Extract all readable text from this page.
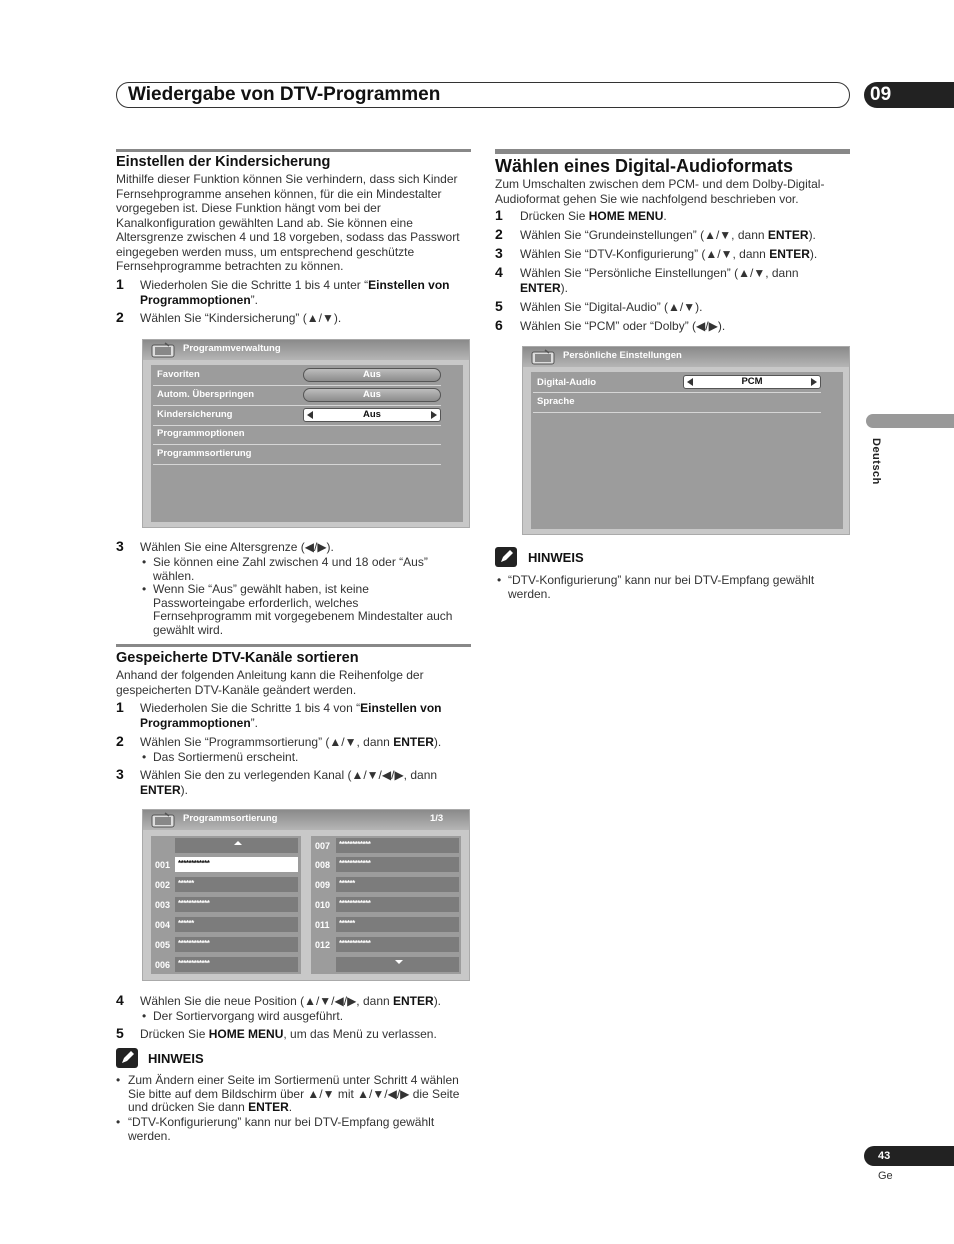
Wiedergabe von DTV-Programmen	09
Deutsch
Einstellen der Kindersicherung
Mithilfe dieser Funktion können Sie verhindern, dass sich Kinder Fernsehprogramme ansehen können, für die ein Mindestalter vorgegeben ist. Diese Funktion hängt vom bei der Kanalkonfiguration gewählten Land ab. Sie können eine Altersgrenze zwischen 4 und 18 vorgeben, sodass das Passwort eingegeben werden muss, um entsprechend geschützte Fernsehprogramme betrachten zu können.
1 Wiederholen Sie die Schritte 1 bis 4 unter “Einstellen von Programmoptionen”.
2 Wählen Sie “Kindersicherung” (▲/▼).
Programmverwaltung
Favoriten	Aus
Autom. Überspringen	Aus
Kindersicherung	Aus
Programmoptionen
Programmsortierung
3 Wählen Sie eine Altersgrenze (◀/▶).
• Sie können eine Zahl zwischen 4 und 18 oder “Aus” wählen.
• Wenn Sie “Aus” gewählt haben, ist keine Passworteingabe erforderlich, welches Fernsehprogramm mit vorgegebenem Mindestalter auch gewählt wird.
Gespeicherte DTV-Kanäle sortieren
Anhand der folgenden Anleitung kann die Reihenfolge der gespeicherten DTV-Kanäle geändert werden.
1 Wiederholen Sie die Schritte 1 bis 4 von “Einstellen von Programmoptionen”.
2 Wählen Sie “Programmsortierung” (▲/▼, dann ENTER).
• Das Sortiermenü erscheint.
3 Wählen Sie den zu verlegenden Kanal (▲/▼/◀/▶, dann
ENTER).
Programmsortierung	1/3
001 ************
002 ******
003 ************
004 ******
005 ************
006 ************
007	************
008	************
009	******
010	************
011	******
012	************
4 Wählen Sie die neue Position (▲/▼/◀/▶, dann ENTER).
• Der Sortiervorgang wird ausgeführt.
5 Drücken Sie HOME MENU, um das Menü zu verlassen.
HINWEIS
• Zum Ändern einer Seite im Sortiermenü unter Schritt 4 wählen Sie bitte auf dem Bildschirm über ▲/▼ mit ▲/▼/◀/▶ die Seite und drücken Sie dann ENTER.
• “DTV-Konfigurierung” kann nur bei DTV-Empfang gewählt werden.
Wählen eines Digital-Audioformats
Zum Umschalten zwischen dem PCM- und dem Dolby-Digital-Audioformat gehen Sie wie nachfolgend beschrieben vor.
1 Drücken Sie HOME MENU.
2 Wählen Sie “Grundeinstellungen” (▲/▼, dann ENTER).
3 Wählen Sie “DTV-Konfigurierung” (▲/▼, dann ENTER).
4 Wählen Sie “Persönliche Einstellungen” (▲/▼, dann
ENTER).
5 Wählen Sie “Digital-Audio” (▲/▼).
6 Wählen Sie “PCM” oder “Dolby” (◀/▶).
Persönliche Einstellungen
Digital-Audio	PCM
Sprache
HINWEIS
• “DTV-Konfigurierung” kann nur bei DTV-Empfang gewählt werden.
43
Ge
